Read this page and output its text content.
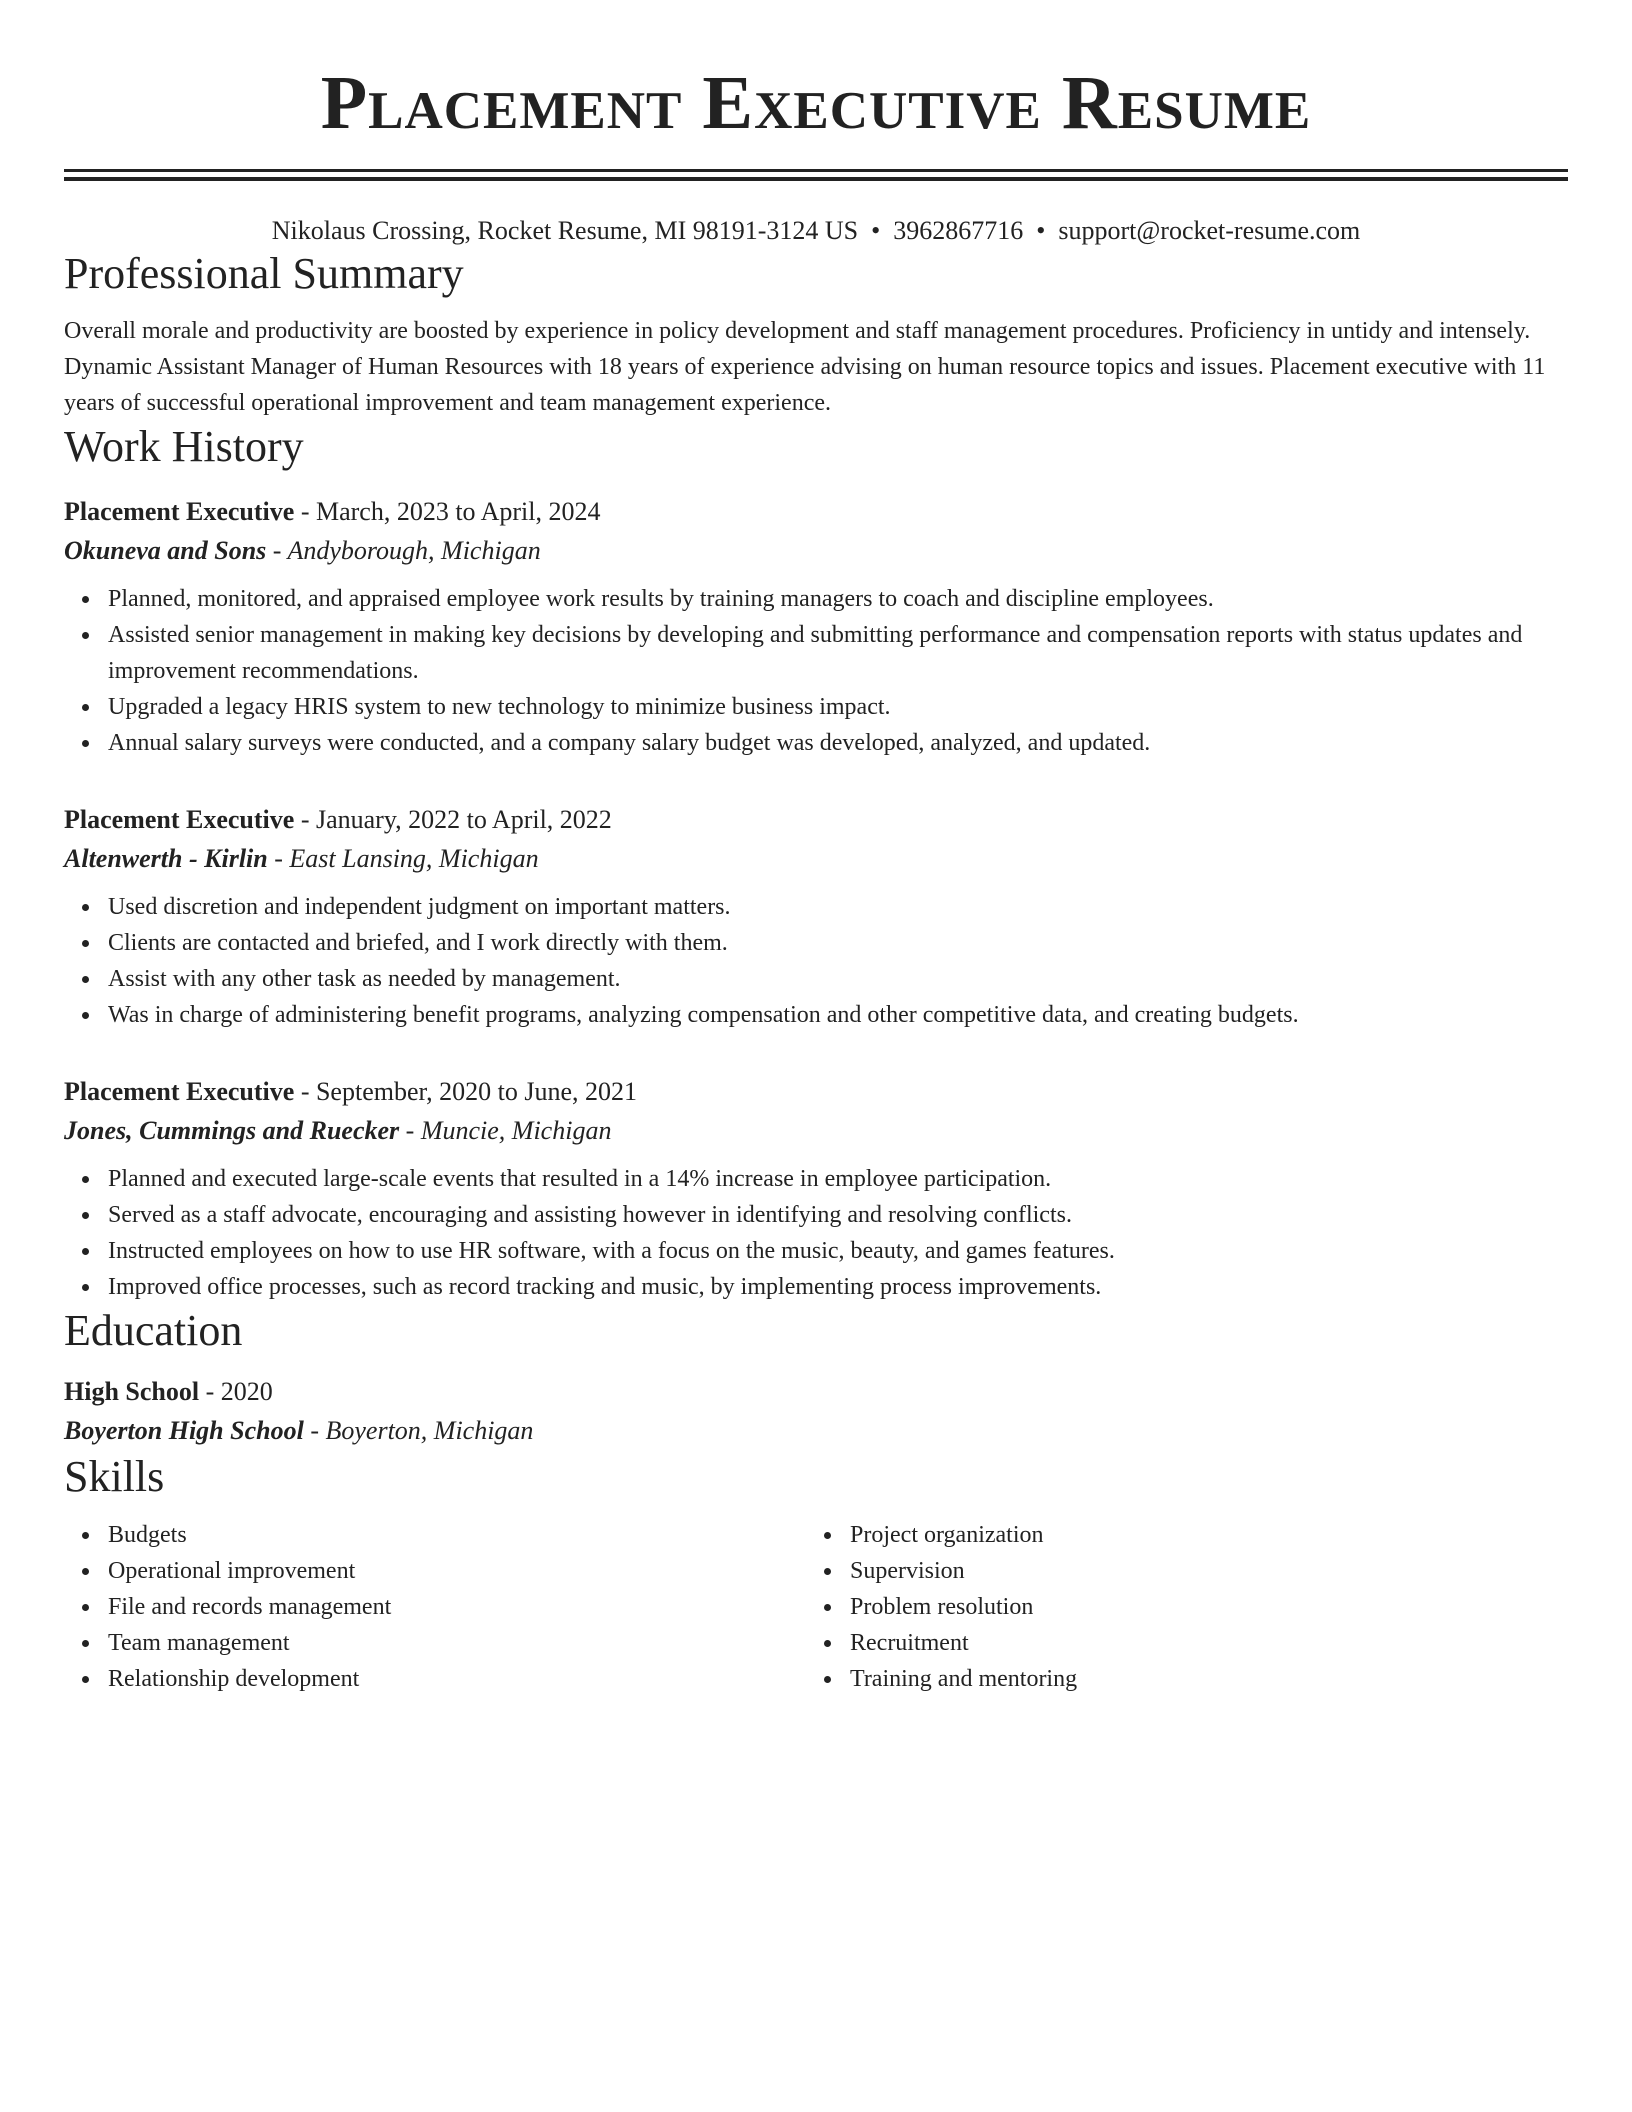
Placement Executive Resume
Nikolaus Crossing, Rocket Resume, MI 98191-3124 US • 3962867716 • support@rocket-resume.com
Professional Summary

Overall morale and productivity are boosted by experience in policy development and staff management procedures. Proficiency in untidy and intensely. Dynamic Assistant Manager of Human Resources with 18 years of experience advising on human resource topics and issues. Placement executive with 11 years of successful operational improvement and team management experience.

Work History
Placement Executive - March, 2023 to April, 2024
Okuneva and Sons - Andyborough, Michigan
Planned, monitored, and appraised employee work results by training managers to coach and discipline employees.
Assisted senior management in making key decisions by developing and submitting performance and compensation reports with status updates and improvement recommendations.
Upgraded a legacy HRIS system to new technology to minimize business impact.
Annual salary surveys were conducted, and a company salary budget was developed, analyzed, and updated.
Placement Executive - January, 2022 to April, 2022
Altenwerth - Kirlin - East Lansing, Michigan
Used discretion and independent judgment on important matters.
Clients are contacted and briefed, and I work directly with them.
Assist with any other task as needed by management.
Was in charge of administering benefit programs, analyzing compensation and other competitive data, and creating budgets.
Placement Executive - September, 2020 to June, 2021
Jones, Cummings and Ruecker - Muncie, Michigan
Planned and executed large-scale events that resulted in a 14% increase in employee participation.
Served as a staff advocate, encouraging and assisting however in identifying and resolving conflicts.
Instructed employees on how to use HR software, with a focus on the music, beauty, and games features.
Improved office processes, such as record tracking and music, by implementing process improvements.
Education
High School - 2020
Boyerton High School - Boyerton, Michigan
Skills
Budgets
Operational improvement
File and records management
Team management
Relationship development
Project organization
Supervision
Problem resolution
Recruitment
Training and mentoring
